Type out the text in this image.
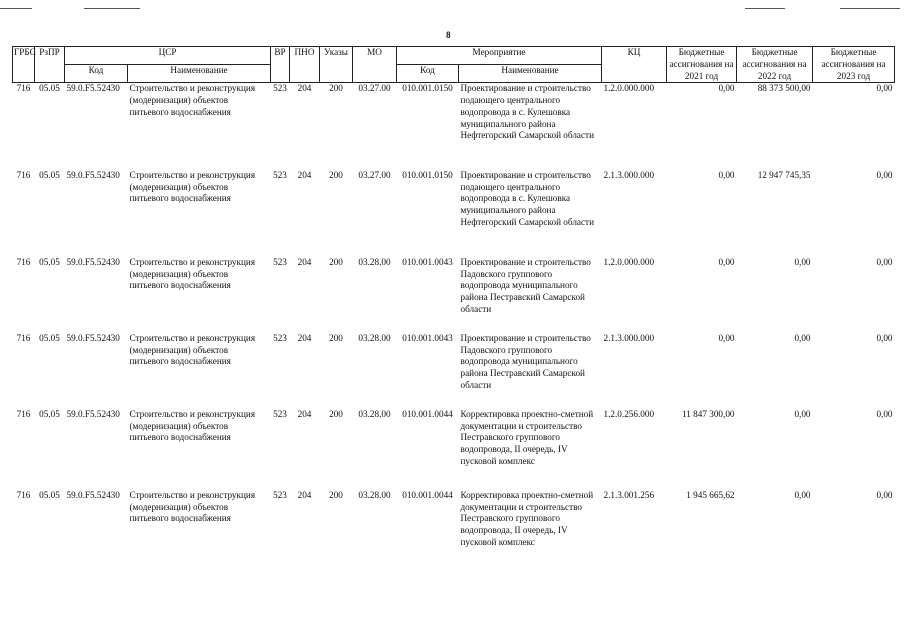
8
ГРБС	РзПР	ЦСР		ВР	ПНО	Указы	МО	Мероприятие		КЦ	Бюджетные ассигнования на 2021 год	Бюджетные ассигнования на 2022 год	Бюджетные ассигнования на 2023 год
		Код	Наименование					Код	Наименование				
716	05.05	59.0.F5.52430	Строительство и реконструкция (модернизация) объектов питьевого водоснабжения	523	204	200	03.27.00	010.001.0150	Проектирование и строительство подающего центрального водопровода в с. Кулешовка муниципального района Нефтегорский Самарской области	1.2.0.000.000	0,00	88 373 500,00	0,00
716	05.05	59.0.F5.52430	Строительство и реконструкция (модернизация) объектов питьевого водоснабжения	523	204	200	03.27.00	010.001.0150	Проектирование и строительство подающего центрального водопровода в с. Кулешовка муниципального района Нефтегорский Самарской области	2.1.3.000.000	0,00	12 947 745,35	0,00
716	05.05	59.0.F5.52430	Строительство и реконструкция (модернизация) объектов питьевого водоснабжения	523	204	200	03.28.00	010.001.0043	Проектирование и строительство Падовского группового водопровода муниципального района Пестравский Самарской области	1.2.0.000.000	0,00	0,00	0,00
716	05.05	59.0.F5.52430	Строительство и реконструкция (модернизация) объектов питьевого водоснабжения	523	204	200	03.28.00	010.001.0043	Проектирование и строительство Падовского группового водопровода муниципального района Пестравский Самарской области	2.1.3.000.000	0,00	0,00	0,00
716	05.05	59.0.F5.52430	Строительство и реконструкция (модернизация) объектов питьевого водоснабжения	523	204	200	03.28.00	010.001.0044	Корректировка проектно-сметной документации и строительство Пестравского группового водопровода, II очередь, IV пусковой комплекс	1.2.0.256.000	11 847 300,00	0,00	0,00
716	05.05	59.0.F5.52430	Строительство и реконструкция (модернизация) объектов питьевого водоснабжения	523	204	200	03.28.00	010.001.0044	Корректировка проектно-сметной документации и строительство Пестравского группового водопровода, II очередь, IV пусковой комплекс	2.1.3.001.256	1 945 665,62	0,00	0,00
